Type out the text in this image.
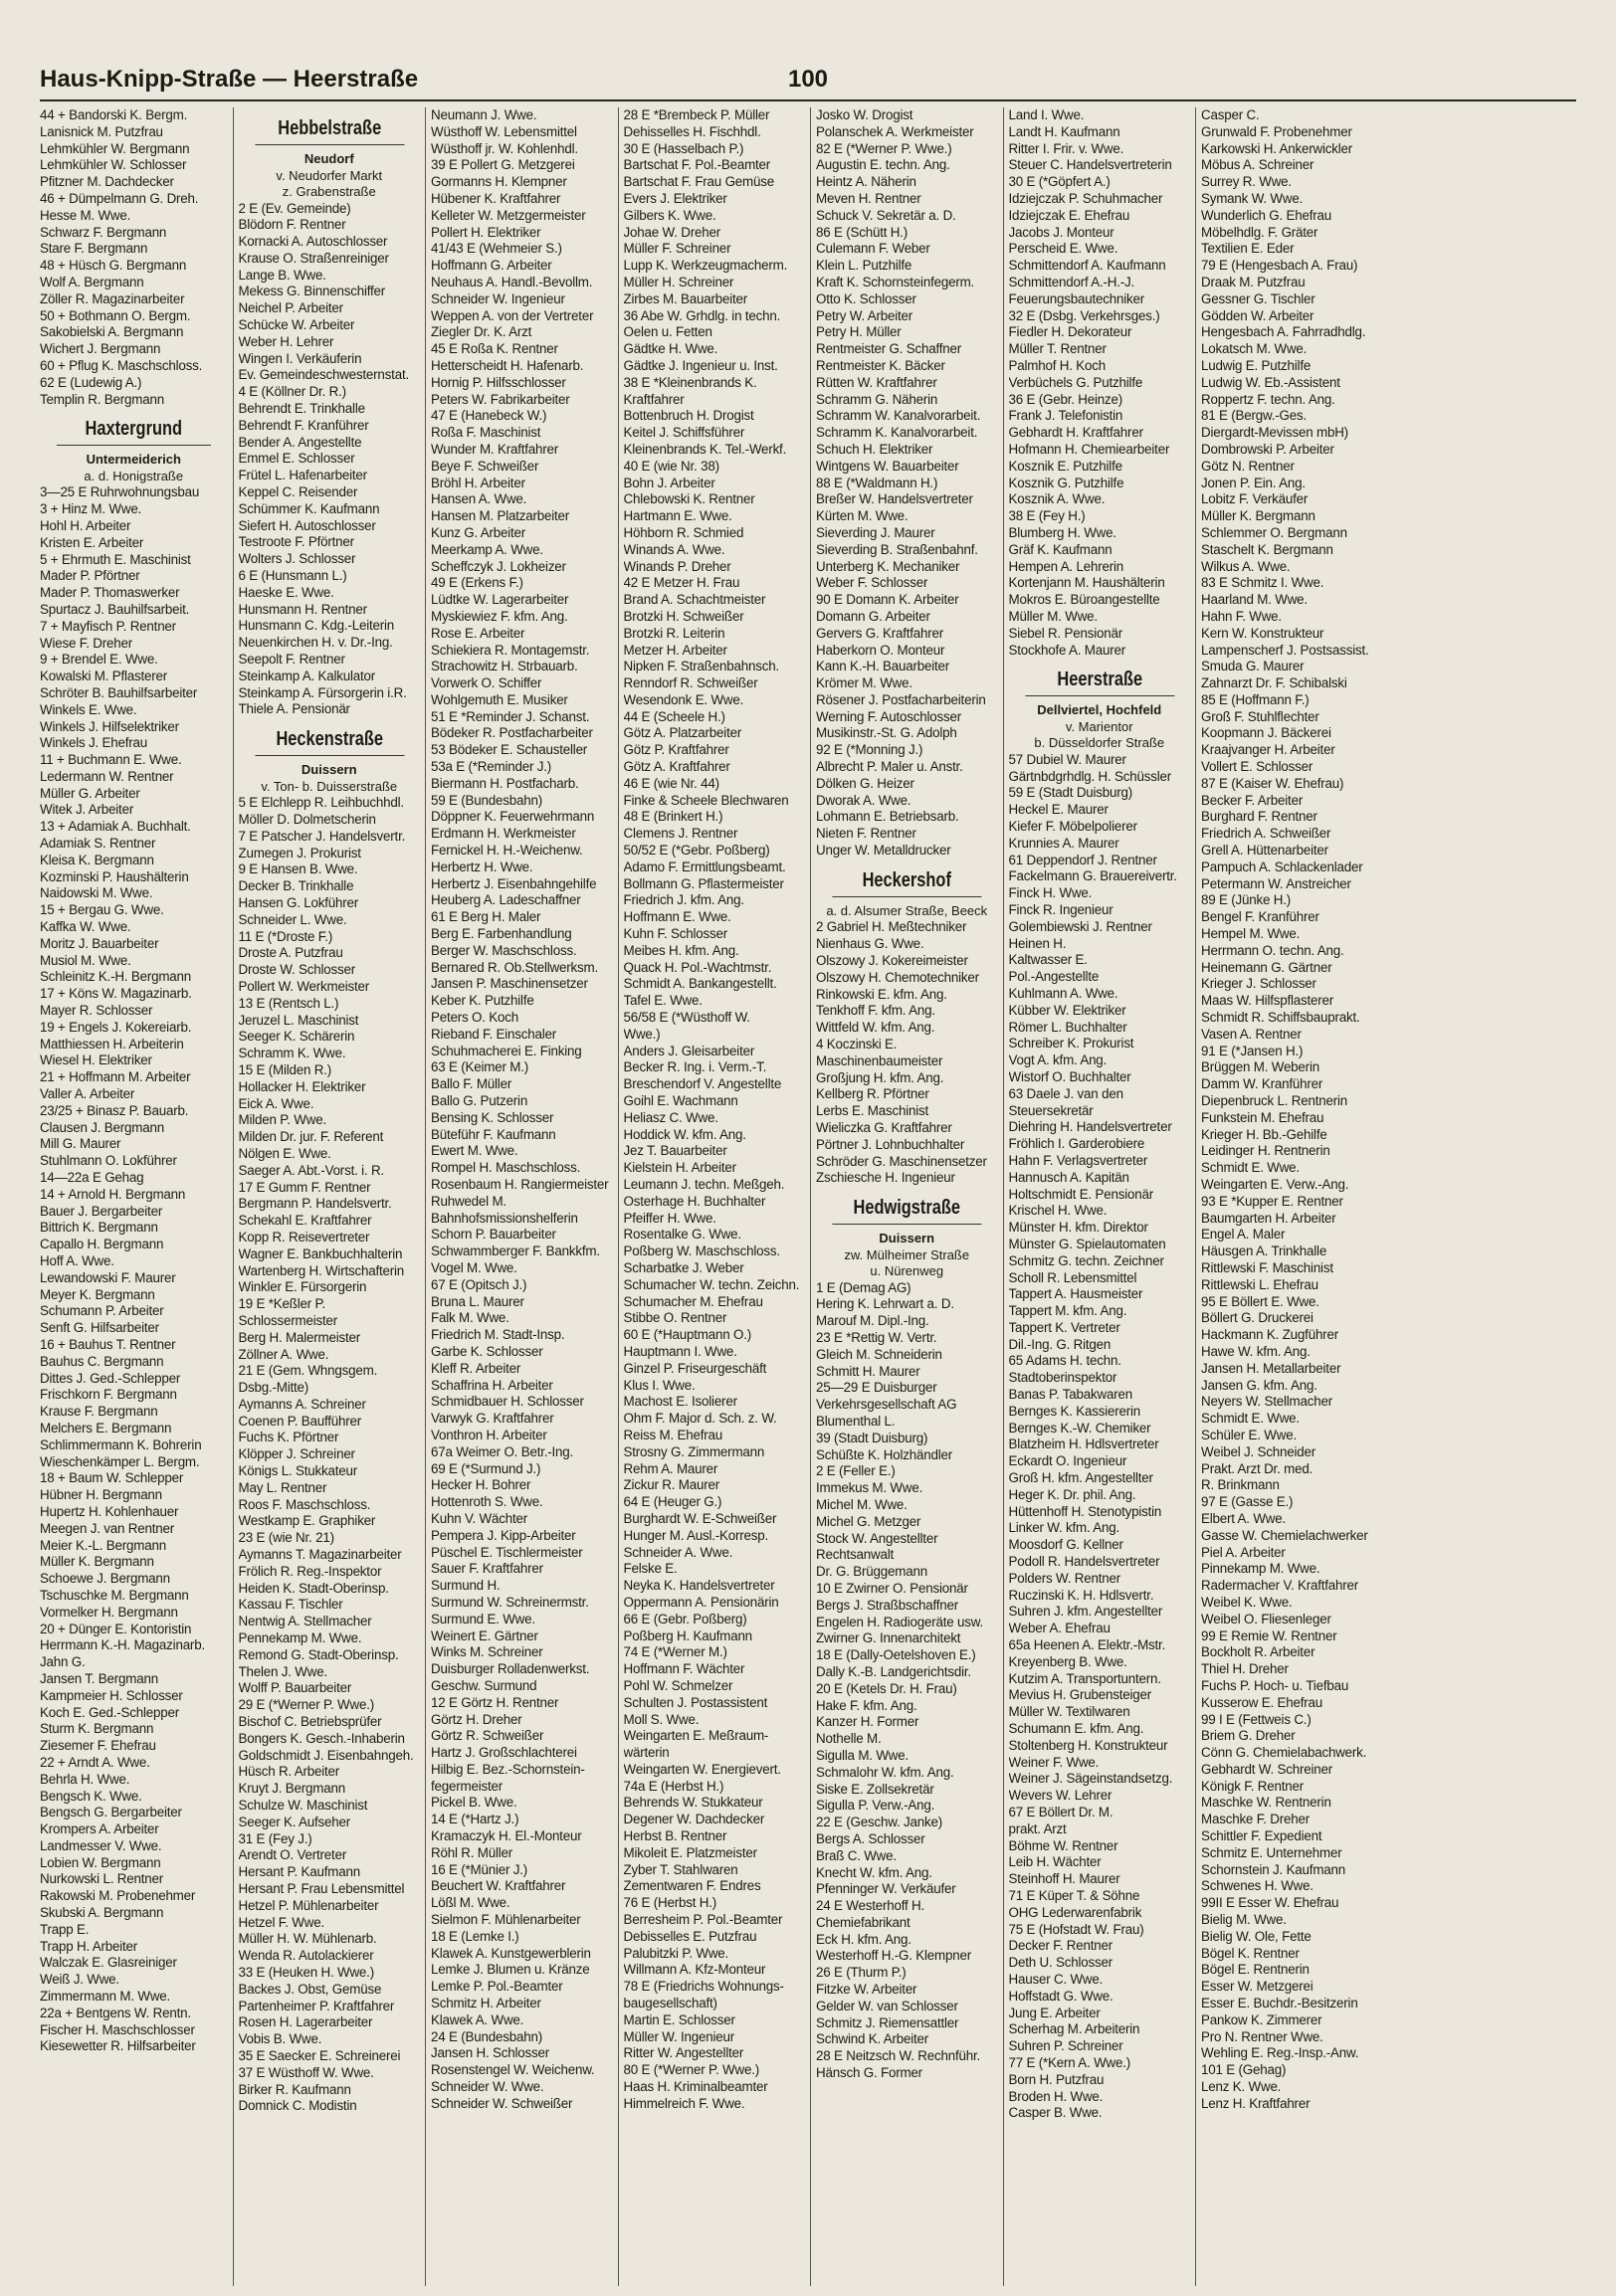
Haus-Knipp-Straße — Heerstraße	100
44 + Bandorski K. Bergm.
Lanisnick M. Putzfrau
Lehmkühler W. Bergmann
Lehmkühler W. Schlosser
Pfitzner M. Dachdecker
46 + Dümpelmann G. Dreh.
Hesse M. Wwe.
Schwarz F. Bergmann
Stare F. Bergmann
48 + Hüsch G. Bergmann
Wolf A. Bergmann
Zöller R. Magazinarbeiter
50 + Bothmann O. Bergm.
Sakobielski A. Bergmann
Wichert J. Bergmann
60 + Pflug K. Maschschloss.
62 E (Ludewig A.)
Templin R. Bergmann
Haxtergrund
Untermeiderich
a. d. Honigstraße
3—25 E Ruhrwohnungsbau
3 + Hinz M. Wwe.
Hohl H. Arbeiter
Kristen E. Arbeiter
5 + Ehrmuth E. Maschinist
Mader P. Pförtner
Mader P. Thomaswerker
Spurtacz J. Bauhilfsarbeit.
7 + Mayfisch P. Rentner
Wiese F. Dreher
9 + Brendel E. Wwe.
Kowalski M. Pflasterer
Schröter B. Bauhilfsarbeiter
Winkels E. Wwe.
Winkels J. Hilfselektriker
Winkels J. Ehefrau
11 + Buchmann E. Wwe.
Ledermann W. Rentner
Müller G. Arbeiter
Witek J. Arbeiter
13 + Adamiak A. Buchhalt.
Adamiak S. Rentner
Kleisa K. Bergmann
Kozminski P. Haushälterin
Naidowski M. Wwe.
15 + Bergau G. Wwe.
Kaffka W. Wwe.
Moritz J. Bauarbeiter
Musiol M. Wwe.
Schleinitz K.-H. Bergmann
17 + Köns W. Magazinarb.
Mayer R. Schlosser
19 + Engels J. Kokereiarb.
Matthiessen H. Arbeiterin
Wiesel H. Elektriker
21 + Hoffmann M. Arbeiter
Valler A. Arbeiter
23/25 + Binasz P. Bauarb.
Clausen J. Bergmann
Mill G. Maurer
Stuhlmann O. Lokführer
14—22a E Gehag
14 + Arnold H. Bergmann
Bauer J. Bergarbeiter
Bittrich K. Bergmann
Capallo H. Bergmann
Hoff A. Wwe.
Lewandowski F. Maurer
Meyer K. Bergmann
Schumann P. Arbeiter
Senft G. Hilfsarbeiter
16 + Bauhus T. Rentner
Bauhus C. Bergmann
Dittes J. Ged.-Schlepper
Frischkorn F. Bergmann
Krause F. Bergmann
Melchers E. Bergmann
Schlimmermann K. Bohrerin
Wieschenkämper L. Bergm.
18 + Baum W. Schlepper
Hübner H. Bergmann
Hupertz H. Kohlenhauer
Meegen J. van Rentner
Meier K.-L. Bergmann
Müller K. Bergmann
Schoewe J. Bergmann
Tschuschke M. Bergmann
Vormelker H. Bergmann
20 + Dünger E. Kontoristin
Herrmann K.-H. Magazinarb.
Jahn G.
Jansen T. Bergmann
Kampmeier H. Schlosser
Koch E. Ged.-Schlepper
Sturm K. Bergmann
Ziesemer F. Ehefrau
22 + Arndt A. Wwe.
Behrla H. Wwe.
Bengsch K. Wwe.
Bengsch G. Bergarbeiter
Krompers A. Arbeiter
Landmesser V. Wwe.
Lobien W. Bergmann
Nurkowski L. Rentner
Rakowski M. Probenehmer
Skubski A. Bergmann
Trapp E.
Trapp H. Arbeiter
Walczak E. Glasreiniger
Weiß J. Wwe.
Zimmermann M. Wwe.
22a + Bentgens W. Rentn.
Fischer H. Maschschlosser
Kiesewetter R. Hilfsarbeiter
Hebbelstraße
Neudorf
v. Neudorfer Markt
z. Grabenstraße
2 E (Ev. Gemeinde)
Blödorn F. Rentner
Kornacki A. Autoschlosser
Krause O. Straßenreiniger
Lange B. Wwe.
Mekess G. Binnenschiffer
Neichel P. Arbeiter
Schücke W. Arbeiter
Weber H. Lehrer
Wingen I. Verkäuferin
Ev. Gemeindeschwesternstat.
4 E (Köllner Dr. R.)
Behrendt E. Trinkhalle
Behrendt F. Kranführer
Bender A. Angestellte
Emmel E. Schlosser
Frütel L. Hafenarbeiter
Keppel C. Reisender
Schümmer K. Kaufmann
Siefert H. Autoschlosser
Testroote F. Pförtner
Wolters J. Schlosser
6 E (Hunsmann L.)
Haeske E. Wwe.
Hunsmann H. Rentner
Hunsmann C. Kdg.-Leiterin
Neuenkirchen H. v. Dr.-Ing.
Seepolt F. Rentner
Steinkamp A. Kalkulator
Steinkamp A. Fürsorgerin i.R.
Thiele A. Pensionär
Heckenstraße
Duissern
v. Ton- b. Duisserstraße
5 E Elchlepp R. Leihbuchhdl.
Möller D. Dolmetscherin
7 E Patscher J. Handelsvertr.
Zumegen J. Prokurist
9 E Hansen B. Wwe.
Decker B. Trinkhalle
Hansen G. Lokführer
Schneider L. Wwe.
11 E (*Droste F.)
Droste A. Putzfrau
Droste W. Schlosser
Pollert W. Werkmeister
13 E (Rentsch L.)
Jeruzel L. Maschinist
Seeger K. Schärerin
Schramm K. Wwe.
15 E (Milden R.)
Hollacker H. Elektriker
Eick A. Wwe.
Milden P. Wwe.
Milden Dr. jur. F. Referent
Nölgen E. Wwe.
Saeger A. Abt.-Vorst. i. R.
17 E Gumm F. Rentner
Bergmann P. Handelsvertr.
Schekahl E. Kraftfahrer
Kopp R. Reisevertreter
Wagner E. Bankbuchhalterin
Wartenberg H. Wirtschafterin
Winkler E. Fürsorgerin
19 E *Keßler P.
Schlossermeister
Berg H. Malermeister
Zöllner A. Wwe.
21 E (Gem. Whngsgem.
Dsbg.-Mitte)
Aymanns A. Schreiner
Coenen P. Baufführer
Fuchs K. Pförtner
Klöpper J. Schreiner
Königs L. Stukkateur
May L. Rentner
Roos F. Maschschloss.
Westkamp E. Graphiker
23 E (wie Nr. 21)
Aymanns T. Magazinarbeiter
Frölich R. Reg.-Inspektor
Heiden K. Stadt-Oberinsp.
Kassau F. Tischler
Nentwig A. Stellmacher
Pennekamp M. Wwe.
Remond G. Stadt-Oberinsp.
Thelen J. Wwe.
Wolff P. Bauarbeiter
29 E (*Werner P. Wwe.)
Bischof C. Betriebsprüfer
Bongers K. Gesch.-Inhaberin
Goldschmidt J. Eisenbahngeh.
Hüsch R. Arbeiter
Kruyt J. Bergmann
Schulze W. Maschinist
Seeger K. Aufseher
31 E (Fey J.)
Arendt O. Vertreter
Hersant P. Kaufmann
Hersant P. Frau Lebensmittel
Hetzel P. Mühlenarbeiter
Hetzel F. Wwe.
Müller H. W. Mühlenarb.
Wenda R. Autolackierer
33 E (Heuken H. Wwe.)
Backes J. Obst, Gemüse
Partenheimer P. Kraftfahrer
Rosen H. Lagerarbeiter
Vobis B. Wwe.
35 E Saecker E. Schreinerei
37 E Wüsthoff W. Wwe.
Birker R. Kaufmann
Domnick C. Modistin
Neumann J. Wwe.
Wüsthoff W. Lebensmittel
Wüsthoff jr. W. Kohlenhdl.
39 E Pollert G. Metzgerei
Gormanns H. Klempner
Hübener K. Kraftfahrer
Kelleter W. Metzgermeister
Pollert H. Elektriker
41/43 E (Wehmeier S.)
Hoffmann G. Arbeiter
Neuhaus A. Handl.-Bevollm.
Schneider W. Ingenieur
Weppen A. von der Vertreter
Ziegler Dr. K. Arzt
45 E Roßa K. Rentner
Hetterscheidt H. Hafenarb.
Hornig P. Hilfsschlosser
Peters W. Fabrikarbeiter
47 E (Hanebeck W.)
Roßa F. Maschinist
Wunder M. Kraftfahrer
Beye F. Schweißer
Bröhl H. Arbeiter
Hansen A. Wwe.
Hansen M. Platzarbeiter
Kunz G. Arbeiter
Meerkamp A. Wwe.
Scheffczyk J. Lokheizer
49 E (Erkens F.)
Lüdtke W. Lagerarbeiter
Myskiewiez F. kfm. Ang.
Rose E. Arbeiter
Schiekiera R. Montagemstr.
Strachowitz H. Strbauarb.
Vorwerk O. Schiffer
Wohlgemuth E. Musiker
51 E *Reminder J. Schanst.
Bödeker R. Postfacharbeiter
53 Bödeker E. Schausteller
53a E (*Reminder J.)
Biermann H. Postfacharb.
59 E (Bundesbahn)
Döppner K. Feuerwehrmann
Erdmann H. Werkmeister
Fernickel H. H.-Weichenw.
Herbertz H. Wwe.
Herbertz J. Eisenbahngehilfe
Heuberg A. Ladeschaffner
61 E Berg H. Maler
Berg E. Farbenhandlung
Berger W. Maschschloss.
Bernared R. Ob.Stellwerksm.
Jansen P. Maschinensetzer
Keber K. Putzhilfe
Peters O. Koch
Rieband F. Einschaler
Schuhmacherei E. Finking
63 E (Keimer M.)
Ballo F. Müller
Ballo G. Putzerin
Bensing K. Schlosser
Büteführ F. Kaufmann
Ewert M. Wwe.
Rompel H. Maschschloss.
Rosenbaum H. Rangiermeister
Ruhwedel M.
Bahnhofsmissionshelferin
Schorn P. Bauarbeiter
Schwammberger F. Bankkfm.
Vogel M. Wwe.
67 E (Opitsch J.)
Bruna L. Maurer
Falk M. Wwe.
Friedrich M. Stadt-Insp.
Garbe K. Schlosser
Kleff R. Arbeiter
Schaffrina H. Arbeiter
Schmidbauer H. Schlosser
Varwyk G. Kraftfahrer
Vonthron H. Arbeiter
67a Weimer O. Betr.-Ing.
69 E (*Surmund J.)
Hecker H. Bohrer
Hottenroth S. Wwe.
Kuhn V. Wächter
Pempera J. Kipp-Arbeiter
Püschel E. Tischlermeister
Sauer F. Kraftfahrer
Surmund H.
Surmund W. Schreinermstr.
Surmund E. Wwe.
Weinert E. Gärtner
Winks M. Schreiner
Duisburger Rolladenwerkst.
Geschw. Surmund
12 E Görtz H. Rentner
Görtz H. Dreher
Görtz R. Schweißer
Hartz J. Großschlachterei
Hilbig E. Bez.-Schornstein-
fegermeister
Pickel B. Wwe.
14 E (*Hartz J.)
Kramaczyk H. El.-Monteur
Röhl R. Müller
16 E (*Münier J.)
Beuchert W. Kraftfahrer
Lößl M. Wwe.
Sielmon F. Mühlenarbeiter
18 E (Lemke I.)
Klawek A. Kunstgewerblerin
Lemke J. Blumen u. Kränze
Lemke P. Pol.-Beamter
Schmitz H. Arbeiter
Klawek A. Wwe.
24 E (Bundesbahn)
Jansen H. Schlosser
Rosenstengel W. Weichenw.
Schneider W. Wwe.
Schneider W. Schweißer
28 E *Brembeck P. Müller
Dehisselles H. Fischhdl.
30 E (Hasselbach P.)
Bartschat F. Pol.-Beamter
Bartschat F. Frau Gemüse
Evers J. Elektriker
Gilbers K. Wwe.
Johae W. Dreher
Müller F. Schreiner
Lupp K. Werkzeugmacherm.
Müller H. Schreiner
Zirbes M. Bauarbeiter
36 Abe W. Grhdlg. in techn.
Oelen u. Fetten
Gädtke H. Wwe.
Gädtke J. Ingenieur u. Inst.
38 E *Kleinenbrands K.
Kraftfahrer
Bottenbruch H. Drogist
Keitel J. Schiffsführer
Kleinenbrands K. Tel.-Werkf.
40 E (wie Nr. 38)
Bohn J. Arbeiter
Chlebowski K. Rentner
Hartmann E. Wwe.
Höhborn R. Schmied
Winands A. Wwe.
Winands P. Dreher
42 E Metzer H. Frau
Brand A. Schachtmeister
Brotzki H. Schweißer
Brotzki R. Leiterin
Metzer H. Arbeiter
Nipken F. Straßenbahnsch.
Renndorf R. Schweißer
Wesendonk E. Wwe.
44 E (Scheele H.)
Götz A. Platzarbeiter
Götz P. Kraftfahrer
Götz A. Kraftfahrer
46 E (wie Nr. 44)
Finke & Scheele Blechwaren
48 E (Brinkert H.)
Clemens J. Rentner
50/52 E (*Gebr. Poßberg)
Adamo F. Ermittlungsbeamt.
Bollmann G. Pflastermeister
Friedrich J. kfm. Ang.
Hoffmann E. Wwe.
Kuhn F. Schlosser
Meibes H. kfm. Ang.
Quack H. Pol.-Wachtmstr.
Schmidt A. Bankangestellt.
Tafel E. Wwe.
56/58 E (*Wüsthoff W.
Wwe.)
Anders J. Gleisarbeiter
Becker R. Ing. i. Verm.-T.
Breschendorf V. Angestellte
Goihl E. Wachmann
Heliasz C. Wwe.
Hoddick W. kfm. Ang.
Jez T. Bauarbeiter
Kielstein H. Arbeiter
Leumann J. techn. Meßgeh.
Osterhage H. Buchhalter
Pfeiffer H. Wwe.
Rosentalke G. Wwe.
Poßberg W. Maschschloss.
Scharbatke J. Weber
Schumacher W. techn. Zeichn.
Schumacher M. Ehefrau
Stibbe O. Rentner
60 E (*Hauptmann O.)
Hauptmann I. Wwe.
Ginzel P. Friseurgeschäft
Klus I. Wwe.
Machost E. Isolierer
Ohm F. Major d. Sch. z. W.
Reiss M. Ehefrau
Strosny G. Zimmermann
Rehm A. Maurer
Zickur R. Maurer
64 E (Heuger G.)
Burghardt W. E-Schweißer
Hunger M. Ausl.-Korresp.
Schneider A. Wwe.
Felske E.
Neyka K. Handelsvertreter
Oppermann A. Pensionärin
66 E (Gebr. Poßberg)
Poßberg H. Kaufmann
74 E (*Werner M.)
Hoffmann F. Wächter
Pohl W. Schmelzer
Schulten J. Postassistent
Moll S. Wwe.
Weingarten E. Meßraum-
wärterin
Weingarten W. Energievert.
74a E (Herbst H.)
Behrends W. Stukkateur
Degener W. Dachdecker
Herbst B. Rentner
Mikoleit E. Platzmeister
Zyber T. Stahlwaren
Zementwaren F. Endres
76 E (Herbst H.)
Berresheim P. Pol.-Beamter
Debisselles E. Putzfrau
Palubitzki P. Wwe.
Willmann A. Kfz-Monteur
78 E (Friedrichs Wohnungs-
baugesellschaft)
Martin E. Schlosser
Müller W. Ingenieur
Ritter W. Angestellter
80 E (*Werner P. Wwe.)
Haas H. Kriminalbeamter
Himmelreich F. Wwe.
Josko W. Drogist
Polanschek A. Werkmeister
82 E (*Werner P. Wwe.)
Augustin E. techn. Ang.
Heintz A. Näherin
Meven H. Rentner
Schuck V. Sekretär a. D.
86 E (Schütt H.)
Culemann F. Weber
Klein L. Putzhilfe
Kraft K. Schornsteinfegerm.
Otto K. Schlosser
Petry W. Arbeiter
Petry H. Müller
Rentmeister G. Schaffner
Rentmeister K. Bäcker
Rütten W. Kraftfahrer
Schramm G. Näherin
Schramm W. Kanalvorarbeit.
Schramm K. Kanalvorarbeit.
Schuch H. Elektriker
Wintgens W. Bauarbeiter
88 E (*Waldmann H.)
Breßer W. Handelsvertreter
Kürten M. Wwe.
Sieverding J. Maurer
Sieverding B. Straßenbahnf.
Unterberg K. Mechaniker
Weber F. Schlosser
90 E Domann K. Arbeiter
Domann G. Arbeiter
Gervers G. Kraftfahrer
Haberkorn O. Monteur
Kann K.-H. Bauarbeiter
Krömer M. Wwe.
Rösener J. Postfacharbeiterin
Werning F. Autoschlosser
Musikinstr.-St. G. Adolph
92 E (*Monning J.)
Albrecht P. Maler u. Anstr.
Dölken G. Heizer
Dworak A. Wwe.
Lohmann E. Betriebsarb.
Nieten F. Rentner
Unger W. Metalldrucker
Heckershof
a. d. Alsumer Straße, Beeck
2 Gabriel H. Meßtechniker
Nienhaus G. Wwe.
Olszowy J. Kokereimeister
Olszowy H. Chemotechniker
Rinkowski E. kfm. Ang.
Tenkhoff F. kfm. Ang.
Wittfeld W. kfm. Ang.
4 Koczinski E.
Maschinenbaumeister
Großjung H. kfm. Ang.
Kellberg R. Pförtner
Lerbs E. Maschinist
Wieliczka G. Kraftfahrer
Pörtner J. Lohnbuchhalter
Schröder G. Maschinensetzer
Zschiesche H. Ingenieur
Hedwigstraße
Duissern
zw. Mülheimer Straße
u. Nürenweg
1 E (Demag AG)
Hering K. Lehrwart a. D.
Marouf M. Dipl.-Ing.
23 E *Rettig W. Vertr.
Gleich M. Schneiderin
Schmitt H. Maurer
25—29 E Duisburger
Verkehrsgesellschaft AG
Blumenthal L.
39 (Stadt Duisburg)
Schüßte K. Holzhändler
2 E (Feller E.)
Immekus M. Wwe.
Michel M. Wwe.
Michel G. Metzger
Stock W. Angestellter
Rechtsanwalt
Dr. G. Brüggemann
10 E Zwirner O. Pensionär
Bergs J. Straßbschaffner
Engelen H. Radiogeräte usw.
Zwirner G. Innenarchitekt
18 E (Dally-Oetelshoven E.)
Dally K.-B. Landgerichtsdir.
20 E (Ketels Dr. H. Frau)
Hake F. kfm. Ang.
Kanzer H. Former
Nothelle M.
Sigulla M. Wwe.
Schmalohr W. kfm. Ang.
Siske E. Zollsekretär
Sigulla P. Verw.-Ang.
22 E (Geschw. Janke)
Bergs A. Schlosser
Braß C. Wwe.
Knecht W. kfm. Ang.
Pfenninger W. Verkäufer
24 E Westerhoff H.
Chemiefabrikant
Eck H. kfm. Ang.
Westerhoff H.-G. Klempner
26 E (Thurm P.)
Fitzke W. Arbeiter
Gelder W. van Schlosser
Schmitz J. Riemensattler
Schwind K. Arbeiter
28 E Neitzsch W. Rechnführ.
Hänsch G. Former
Land I. Wwe.
Landt H. Kaufmann
Ritter I. Frir. v. Wwe.
Steuer C. Handelsvertreterin
30 E (*Göpfert A.)
Idziejczak P. Schuhmacher
Idziejczak E. Ehefrau
Jacobs J. Monteur
Perscheid E. Wwe.
Schmittendorf A. Kaufmann
Schmittendorf A.-H.-J.
Feuerungsbautechniker
32 E (Dsbg. Verkehrsges.)
Fiedler H. Dekorateur
Müller T. Rentner
Palmhof H. Koch
Verbüchels G. Putzhilfe
36 E (Gebr. Heinze)
Frank J. Telefonistin
Gebhardt H. Kraftfahrer
Hofmann H. Chemiearbeiter
Kosznik E. Putzhilfe
Kosznik G. Putzhilfe
Kosznik A. Wwe.
38 E (Fey H.)
Blumberg H. Wwe.
Gräf K. Kaufmann
Hempen A. Lehrerin
Kortenjann M. Haushälterin
Mokros E. Büroangestellte
Müller M. Wwe.
Siebel R. Pensionär
Stockhofe A. Maurer
Heerstraße
Dellviertel, Hochfeld
v. Marientor
b. Düsseldorfer Straße
57 Dubiel W. Maurer
Gärtnbdgrhdlg. H. Schüssler
59 E (Stadt Duisburg)
Heckel E. Maurer
Kiefer F. Möbelpolierer
Krunnies A. Maurer
61 Deppendorf J. Rentner
Fackelmann G. Brauereivertr.
Finck H. Wwe.
Finck R. Ingenieur
Golembiewski J. Rentner
Heinen H.
Kaltwasser E.
Pol.-Angestellte
Kuhlmann A. Wwe.
Kübber W. Elektriker
Römer L. Buchhalter
Schreiber K. Prokurist
Vogt A. kfm. Ang.
Wistorf O. Buchhalter
63 Daele J. van den
Steuersekretär
Diehring H. Handelsvertreter
Fröhlich I. Garderobiere
Hahn F. Verlagsvertreter
Hannusch A. Kapitän
Holtschmidt E. Pensionär
Krischel H. Wwe.
Münster H. kfm. Direktor
Münster G. Spielautomaten
Schmitz G. techn. Zeichner
Scholl R. Lebensmittel
Tappert A. Hausmeister
Tappert M. kfm. Ang.
Tappert K. Vertreter
Dil.-Ing. G. Ritgen
65 Adams H. techn.
Stadtoberinspektor
Banas P. Tabakwaren
Bernges K. Kassiererin
Bernges K.-W. Chemiker
Blatzheim H. Hdlsvertreter
Eckardt O. Ingenieur
Groß H. kfm. Angestellter
Heger K. Dr. phil. Ang.
Hüttenhoff H. Stenotypistin
Linker W. kfm. Ang.
Moosdorf G. Kellner
Podoll R. Handelsvertreter
Polders W. Rentner
Ruczinski K. H. Hdlsvertr.
Suhren J. kfm. Angestellter
Weber A. Ehefrau
65a Heenen A. Elektr.-Mstr.
Kreyenberg B. Wwe.
Kutzim A. Transportuntern.
Mevius H. Grubensteiger
Müller W. Textilwaren
Schumann E. kfm. Ang.
Stoltenberg H. Konstrukteur
Weiner F. Wwe.
Weiner J. Sägeinstandsetzg.
Wevers W. Lehrer
67 E Böllert Dr. M.
prakt. Arzt
Böhme W. Rentner
Leib H. Wächter
Steinhoff H. Maurer
71 E Küper T. & Söhne
OHG Lederwarenfabrik
75 E (Hofstadt W. Frau)
Decker F. Rentner
Deth U. Schlosser
Hauser C. Wwe.
Hoffstadt G. Wwe.
Jung E. Arbeiter
Scherhag M. Arbeiterin
Suhren P. Schreiner
77 E (*Kern A. Wwe.)
Born H. Putzfrau
Broden H. Wwe.
Casper B. Wwe.
Casper C.
Grunwald F. Probenehmer
Karkowski H. Ankerwickler
Möbus A. Schreiner
Surrey R. Wwe.
Symank W. Wwe.
Wunderlich G. Ehefrau
Möbelhdlg. F. Gräter
Textilien E. Eder
79 E (Hengesbach A. Frau)
Draak M. Putzfrau
Gessner G. Tischler
Gödden W. Arbeiter
Hengesbach A. Fahrradhdlg.
Lokatsch M. Wwe.
Ludwig E. Putzhilfe
Ludwig W. Eb.-Assistent
Roppertz F. techn. Ang.
81 E (Bergw.-Ges.
Diergardt-Mevissen mbH)
Dombrowski P. Arbeiter
Götz N. Rentner
Jonen P. Ein. Ang.
Lobitz F. Verkäufer
Müller K. Bergmann
Schlemmer O. Bergmann
Staschelt K. Bergmann
Wilkus A. Wwe.
83 E Schmitz I. Wwe.
Haarland M. Wwe.
Hahn F. Wwe.
Kern W. Konstrukteur
Lampenscherf J. Postsassist.
Smuda G. Maurer
Zahnarzt Dr. F. Schibalski
85 E (Hoffmann F.)
Groß F. Stuhlflechter
Koopmann J. Bäckerei
Kraajvanger H. Arbeiter
Vollert E. Schlosser
87 E (Kaiser W. Ehefrau)
Becker F. Arbeiter
Burghard F. Rentner
Friedrich A. Schweißer
Grell A. Hüttenarbeiter
Pampuch A. Schlackenlader
Petermann W. Anstreicher
89 E (Jünke H.)
Bengel F. Kranführer
Hempel M. Wwe.
Herrmann O. techn. Ang.
Heinemann G. Gärtner
Krieger J. Schlosser
Maas W. Hilfspflasterer
Schmidt R. Schiffsbauprakt.
Vasen A. Rentner
91 E (*Jansen H.)
Brüggen M. Weberin
Damm W. Kranführer
Diepenbruck L. Rentnerin
Funkstein M. Ehefrau
Krieger H. Bb.-Gehilfe
Leidinger H. Rentnerin
Schmidt E. Wwe.
Weingarten E. Verw.-Ang.
93 E *Kupper E. Rentner
Baumgarten H. Arbeiter
Engel A. Maler
Häusgen A. Trinkhalle
Rittlewski F. Maschinist
Rittlewski L. Ehefrau
95 E Böllert E. Wwe.
Böllert G. Druckerei
Hackmann K. Zugführer
Hawe W. kfm. Ang.
Jansen H. Metallarbeiter
Jansen G. kfm. Ang.
Neyers W. Stellmacher
Schmidt E. Wwe.
Schüler E. Wwe.
Weibel J. Schneider
Prakt. Arzt Dr. med.
R. Brinkmann
97 E (Gasse E.)
Elbert A. Wwe.
Gasse W. Chemielachwerker
Piel A. Arbeiter
Pinnekamp M. Wwe.
Radermacher V. Kraftfahrer
Weibel K. Wwe.
Weibel O. Fliesenleger
99 E Remie W. Rentner
Bockholt R. Arbeiter
Thiel H. Dreher
Fuchs P. Hoch- u. Tiefbau
Kusserow E. Ehefrau
99 I E (Fettweis C.)
Briem G. Dreher
Cönn G. Chemielabachwerk.
Gebhardt W. Schreiner
Königk F. Rentner
Maschke W. Rentnerin
Maschke F. Dreher
Schittler F. Expedient
Schmitz E. Unternehmer
Schornstein J. Kaufmann
Schwenes H. Wwe.
99II E Esser W. Ehefrau
Bielig M. Wwe.
Bielig W. Ole, Fette
Bögel K. Rentner
Bögel E. Rentnerin
Esser W. Metzgerei
Esser E. Buchdr.-Besitzerin
Pankow K. Zimmerer
Pro N. Rentner Wwe.
Wehling E. Reg.-Insp.-Anw.
101 E (Gehag)
Lenz K. Wwe.
Lenz H. Kraftfahrer
